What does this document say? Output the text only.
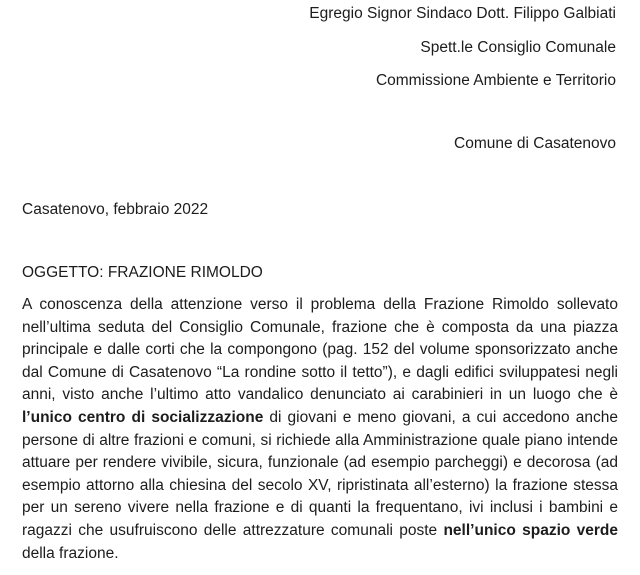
Egregio Signor Sindaco Dott. Filippo Galbiati
Spett.le Consiglio Comunale
Commissione Ambiente e Territorio
Comune di Casatenovo
Casatenovo, febbraio 2022
OGGETTO: FRAZIONE RIMOLDO

A conoscenza della attenzione verso il problema della Frazione Rimoldo sollevato nell’ultima seduta del Consiglio Comunale, frazione che è composta da una piazza principale e dalle corti che la compongono (pag. 152 del volume sponsorizzato anche dal Comune di Casatenovo “La rondine sotto il tetto”), e dagli edifici sviluppatesi negli anni, visto anche l’ultimo atto vandalico denunciato ai carabinieri in un luogo che è l’unico centro di socializzazione di giovani e meno giovani, a cui accedono anche persone di altre frazioni e comuni, si richiede alla Amministrazione quale piano intende attuare per rendere vivibile, sicura, funzionale (ad esempio parcheggi) e decorosa (ad esempio attorno alla chiesina del secolo XV, ripristinata all’esterno) la frazione stessa per un sereno vivere nella frazione e di quanti la frequentano, ivi inclusi i bambini e ragazzi che usufruiscono delle attrezzature comunali poste nell’unico spazio verde della frazione.
